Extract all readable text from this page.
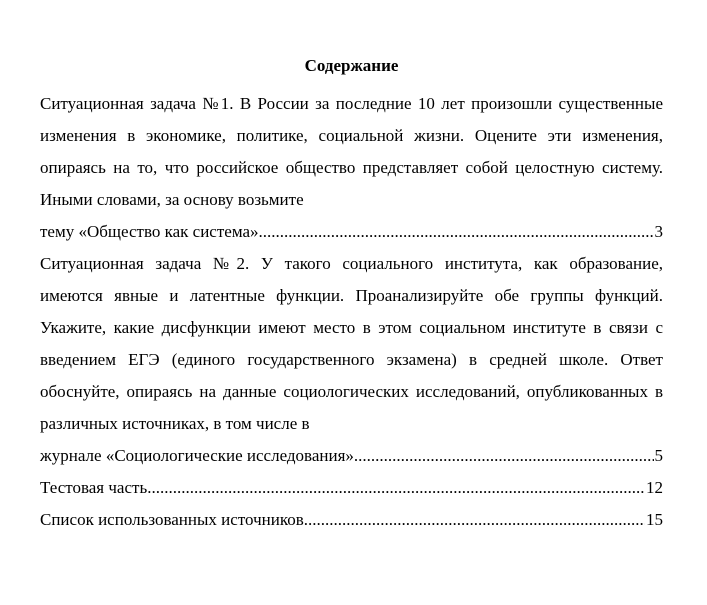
Содержание
Ситуационная задача №1. В России за последние 10 лет произошли существенные изменения в экономике, политике, социальной жизни. Оцените эти изменения, опираясь на то, что российское общество представляет собой целостную систему. Иными словами, за основу возьмите
тему «Общество как система» .....	3
Ситуационная задача №2. У такого социального института, как образование, имеются явные и латентные функции. Проанализируйте обе группы функций. Укажите, какие дисфункции имеют место в этом социальном институте в связи с введением ЕГЭ (единого государственного экзамена) в средней школе. Ответ обоснуйте, опираясь на данные социологических исследований, опубликованных в различных источниках, в том числе в
журнале «Социологические исследования» .....	5
Тестовая часть .....	12
Список использованных источников .....	15
